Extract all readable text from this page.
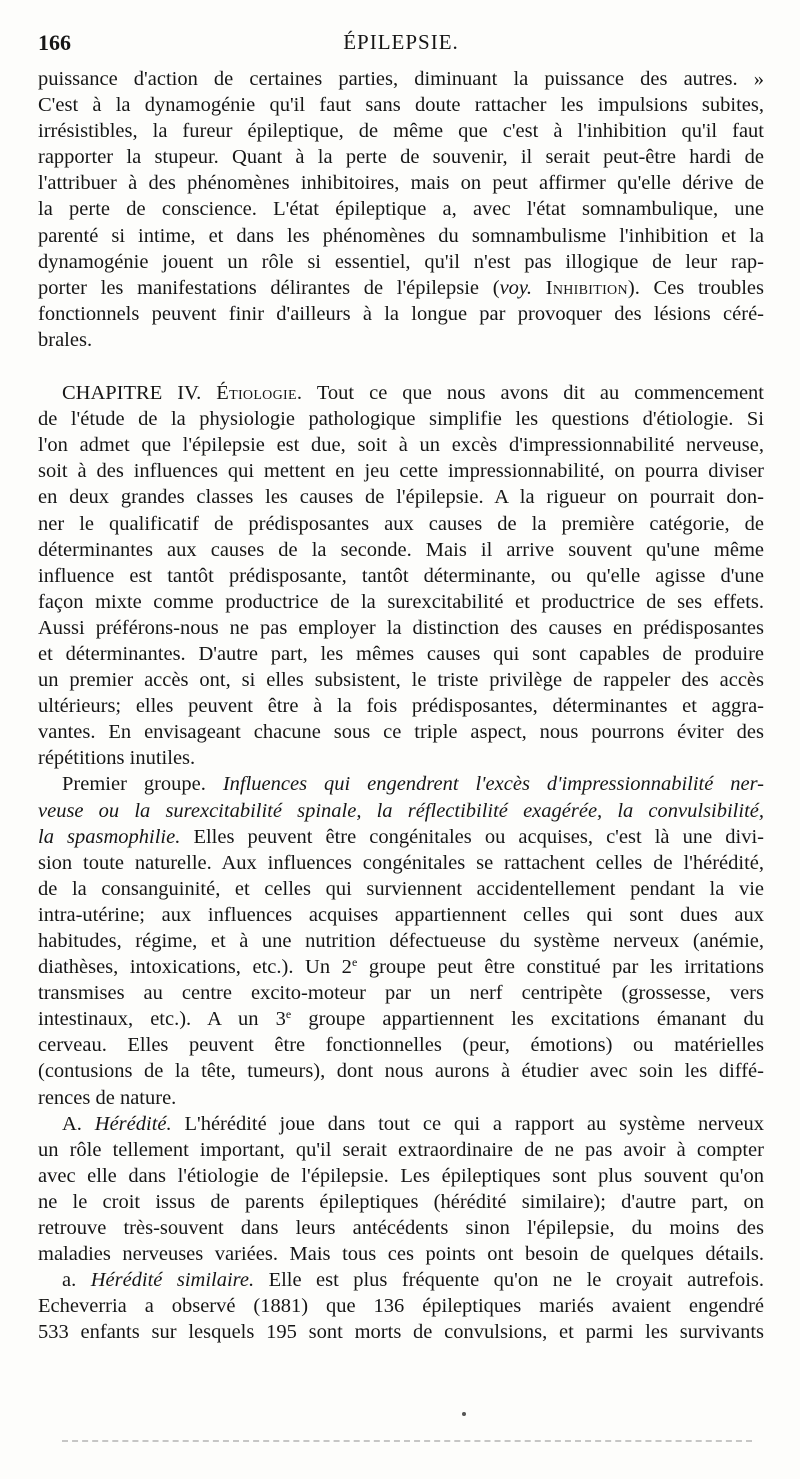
166	ÉPILEPSIE.
puissance d'action de certaines parties, diminuant la puissance des autres. »
C'est à la dynamogénie qu'il faut sans doute rattacher les impulsions subites,
irrésistibles, la fureur épileptique, de même que c'est à l'inhibition qu'il faut
rapporter la stupeur. Quant à la perte de souvenir, il serait peut-être hardi de
l'attribuer à des phénomènes inhibitoires, mais on peut affirmer qu'elle dérive de
la perte de conscience. L'état épileptique a, avec l'état somnambulique, une
parenté si intime, et dans les phénomènes du somnambulisme l'inhibition et la
dynamogénie jouent un rôle si essentiel, qu'il n'est pas illogique de leur rap-
porter les manifestations délirantes de l'épilepsie (voy. Inhibition). Ces troubles
fonctionnels peuvent finir d'ailleurs à la longue par provoquer des lésions céré-
brales.
CHAPITRE IV. Étiologie. Tout ce que nous avons dit au commencement
de l'étude de la physiologie pathologique simplifie les questions d'étiologie. Si
l'on admet que l'épilepsie est due, soit à un excès d'impressionnabilité nerveuse,
soit à des influences qui mettent en jeu cette impressionnabilité, on pourra diviser
en deux grandes classes les causes de l'épilepsie. A la rigueur on pourrait don-
ner le qualificatif de prédisposantes aux causes de la première catégorie, de
déterminantes aux causes de la seconde. Mais il arrive souvent qu'une même
influence est tantôt prédisposante, tantôt déterminante, ou qu'elle agisse d'une
façon mixte comme productrice de la surexcitabilité et productrice de ses effets.
Aussi préférons-nous ne pas employer la distinction des causes en prédisposantes
et déterminantes. D'autre part, les mêmes causes qui sont capables de produire
un premier accès ont, si elles subsistent, le triste privilège de rappeler des accès
ultérieurs; elles peuvent être à la fois prédisposantes, déterminantes et aggra-
vantes. En envisageant chacune sous ce triple aspect, nous pourrons éviter des
répétitions inutiles.
Premier groupe. Influences qui engendrent l'excès d'impressionnabilité ner-
veuse ou la surexcitabilité spinale, la réflectibilité exagérée, la convulsibilité,
la spasmophilie. Elles peuvent être congénitales ou acquises, c'est là une divi-
sion toute naturelle. Aux influences congénitales se rattachent celles de l'hérédité,
de la consanguinité, et celles qui surviennent accidentellement pendant la vie
intra-utérine; aux influences acquises appartiennent celles qui sont dues aux
habitudes, régime, et à une nutrition défectueuse du système nerveux (anémie,
diathèses, intoxications, etc.). Un 2e groupe peut être constitué par les irritations
transmises au centre excito-moteur par un nerf centripète (grossesse, vers
intestinaux, etc.). A un 3e groupe appartiennent les excitations émanant du
cerveau. Elles peuvent être fonctionnelles (peur, émotions) ou matérielles
(contusions de la tête, tumeurs), dont nous aurons à étudier avec soin les diffé-
rences de nature.
A. Hérédité. L'hérédité joue dans tout ce qui a rapport au système nerveux
un rôle tellement important, qu'il serait extraordinaire de ne pas avoir à compter
avec elle dans l'étiologie de l'épilepsie. Les épileptiques sont plus souvent qu'on
ne le croit issus de parents épileptiques (hérédité similaire); d'autre part, on
retrouve très-souvent dans leurs antécédents sinon l'épilepsie, du moins des
maladies nerveuses variées. Mais tous ces points ont besoin de quelques détails.
a. Hérédité similaire. Elle est plus fréquente qu'on ne le croyait autrefois.
Echeverria a observé (1881) que 136 épileptiques mariés avaient engendré
533 enfants sur lesquels 195 sont morts de convulsions, et parmi les survivants
